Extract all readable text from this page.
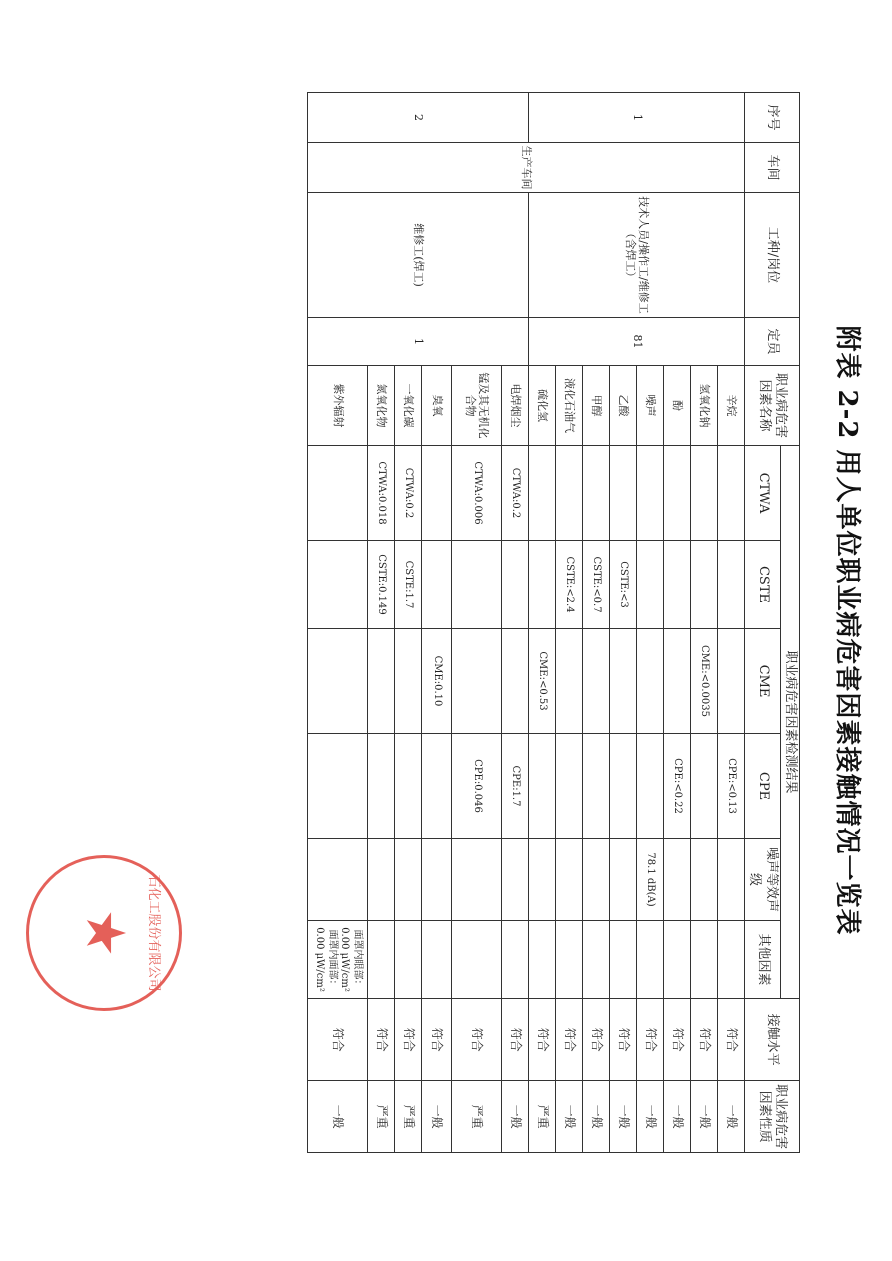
附表 2-2 用人单位职业病危害因素接触情况一览表
序号	车间	工种/岗位	定员	职业病危害因素名称	职业病危害因素检测结果						接触水平	职业病危害因素性质
					CTWA	CSTE	CME	CPE	噪声等效声级	其他因素		
1	生产车间	技术人员/操作工/维修工（含焊工）	81	辛烷				CPE:<0.13			符合	一般
				氢氧化钠			CME:<0.0035				符合	一般
				酚				CPE:<0.22			符合	一般
				噪声					78.1 dB(A)		符合	一般
				乙酸		CSTE:<3					符合	一般
				甲醇		CSTE:<0.7					符合	一般
				液化石油气		CSTE:<2.4					符合	一般
				硫化氢			CME:<0.53				符合	严重
2		维修工(焊工)	1	电焊烟尘	CTWA:0.2			CPE:1.7			符合	一般
				锰及其无机化合物	CTWA:0.006			CPE:0.046			符合	严重
				臭氧			CME:0.10				符合	一般
				一氧化碳	CTWA:0.2	CSTE:1.7					符合	严重
				氮氧化物	CTWA:0.018	CSTE:0.149					符合	严重
				紫外辐射						面罩内眼部：0.00 μW/cm² 面罩内面部：0.00 μW/cm²	符合	一般
石化工股份有限公司
★
